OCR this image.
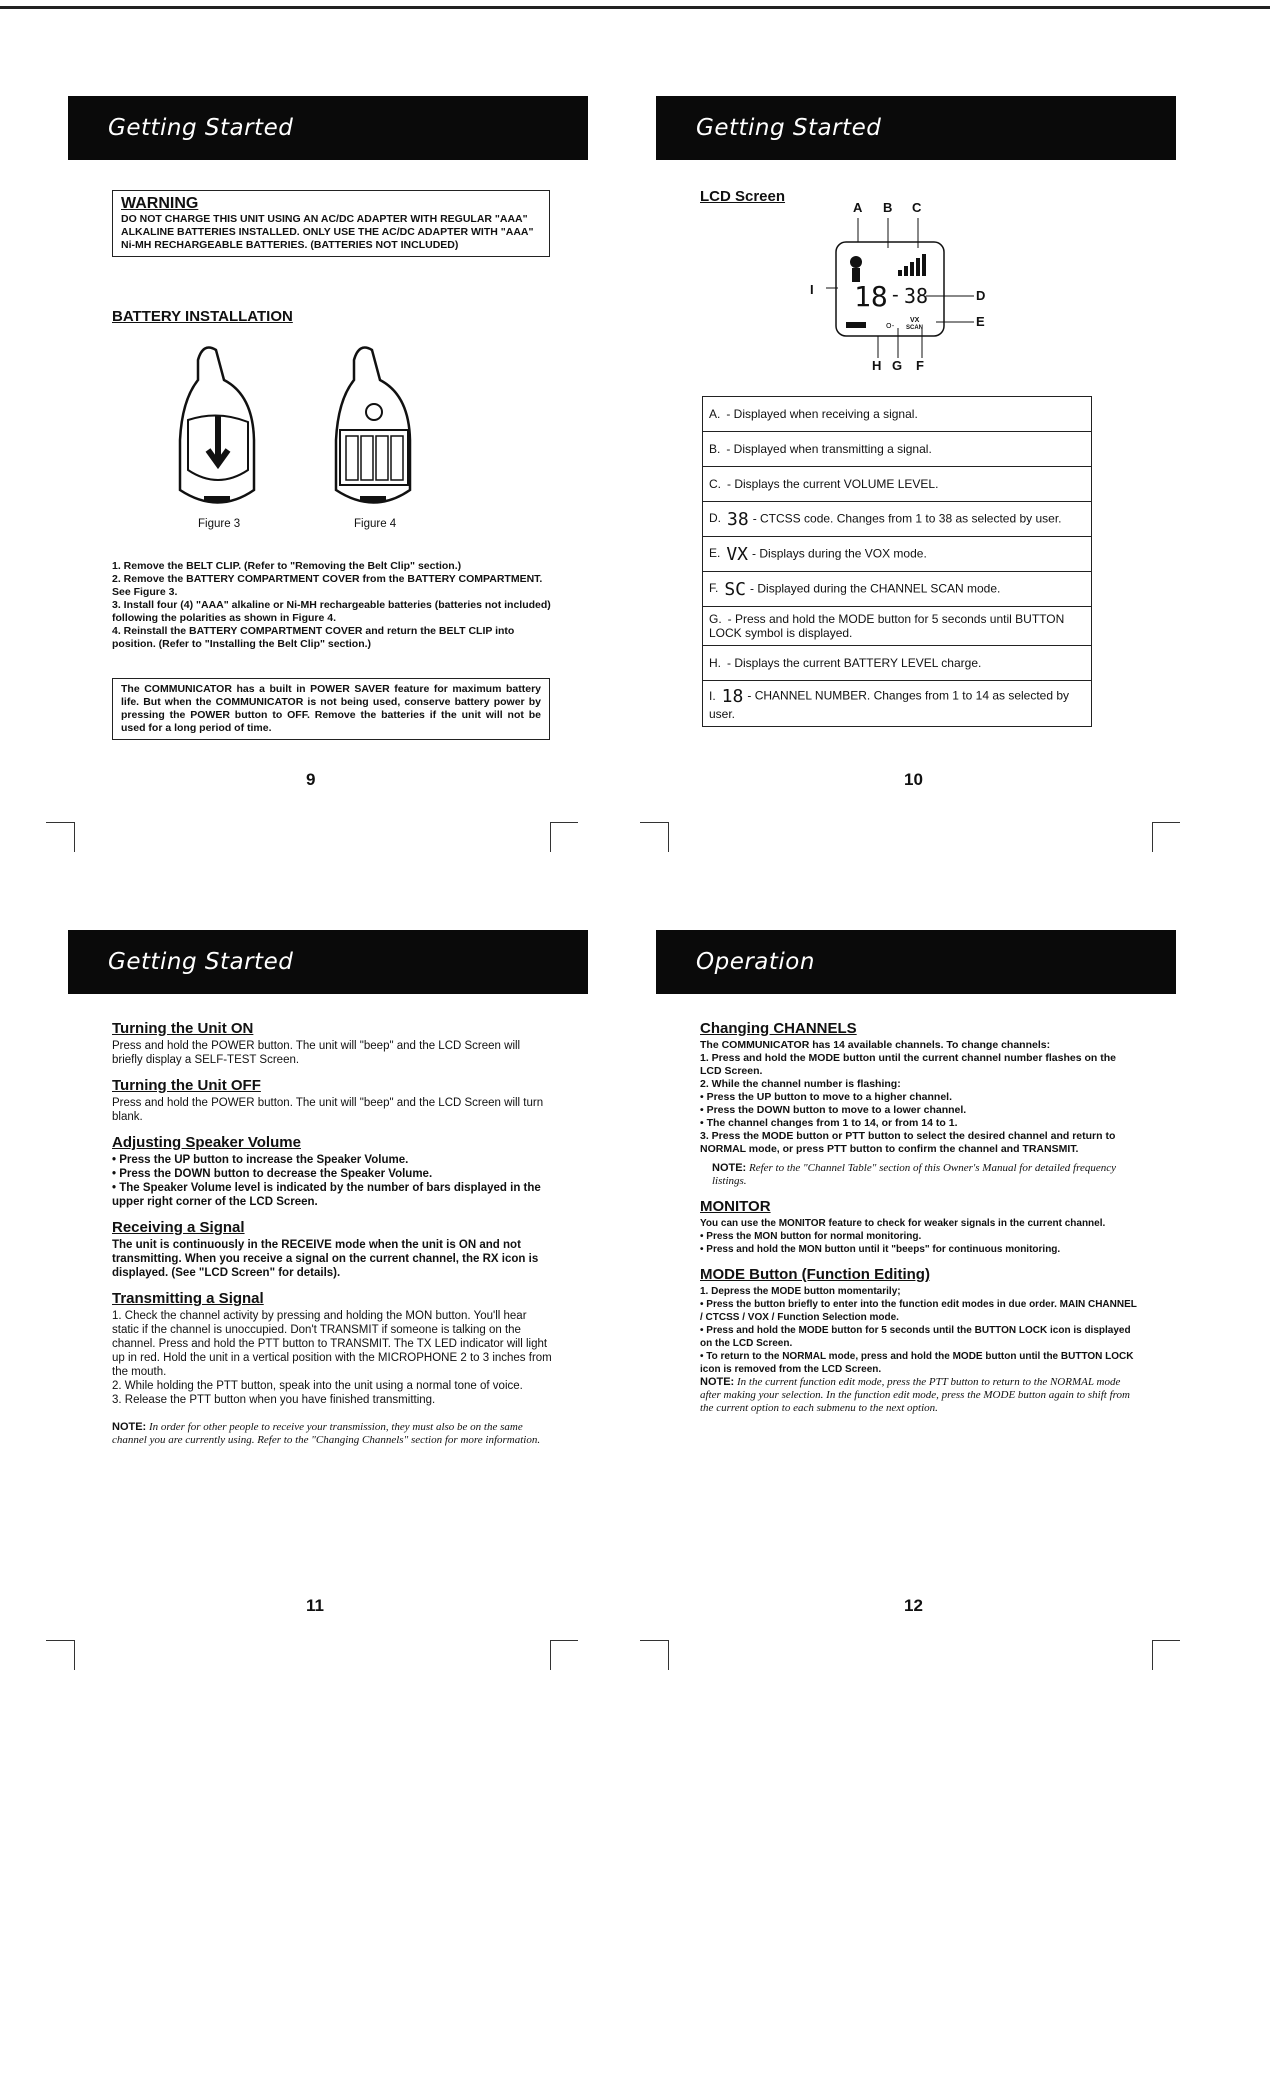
Getting Started
WARNING
DO NOT CHARGE THIS UNIT USING AN AC/DC ADAPTER WITH REGULAR "AAA" ALKALINE BATTERIES INSTALLED. ONLY USE THE AC/DC ADAPTER WITH "AAA" Ni-MH RECHARGEABLE BATTERIES. (BATTERIES NOT INCLUDED)
BATTERY INSTALLATION
Figure 3	Figure 4

1. Remove the BELT CLIP. (Refer to "Removing the Belt Clip" section.)

2. Remove the BATTERY COMPARTMENT COVER from the BATTERY COMPARTMENT. See Figure 3.

3. Install four (4) "AAA" alkaline or Ni-MH rechargeable batteries (batteries not included) following the polarities as shown in Figure 4.

4. Reinstall the BATTERY COMPARTMENT COVER and return the BELT CLIP into position. (Refer to "Installing the Belt Clip" section.)

The COMMUNICATOR has a built in POWER SAVER feature for maximum battery life. But when the COMMUNICATOR is not being used, conserve battery power by pressing the POWER button to OFF. Remove the batteries if the unit will not be used for a long period of time.
9
Getting Started
LCD Screen
A B C
I	D
E
H G F
O-
18 - 38
VX
SCAN
A. - Displayed when receiving a signal.
B. - Displayed when transmitting a signal.
C. - Displays the current VOLUME LEVEL.
D. 38 - CTCSS code. Changes from 1 to 38 as selected by user.
E. VX - Displays during the VOX mode.
F. SC - Displayed during the CHANNEL SCAN mode.
G. - Press and hold the MODE button for 5 seconds until BUTTON LOCK symbol is displayed.
H. - Displays the current BATTERY LEVEL charge.
I. 18 - CHANNEL NUMBER. Changes from 1 to 14 as selected by user.
10
Getting Started
Turning the Unit ON
Press and hold the POWER button. The unit will "beep" and the LCD Screen will briefly display a SELF-TEST Screen.
Turning the Unit OFF
Press and hold the POWER button. The unit will "beep" and the LCD Screen will turn blank.
Adjusting Speaker Volume

• Press the UP button to increase the Speaker Volume.

• Press the DOWN button to decrease the Speaker Volume.

• The Speaker Volume level is indicated by the number of bars displayed in the upper right corner of the LCD Screen.

Receiving a Signal
The unit is continuously in the RECEIVE mode when the unit is ON and not transmitting. When you receive a signal on the current channel, the RX icon is displayed. (See "LCD Screen" for details).
Transmitting a Signal

1. Check the channel activity by pressing and holding the MON button. You'll hear static if the channel is unoccupied. Don't TRANSMIT if someone is talking on the channel. Press and hold the PTT button to TRANSMIT. The TX LED indicator will light up in red. Hold the unit in a vertical position with the MICROPHONE 2 to 3 inches from the mouth.

2. While holding the PTT button, speak into the unit using a normal tone of voice.

3. Release the PTT button when you have finished transmitting.

NOTE: In order for other people to receive your transmission, they must also be on the same channel you are currently using. Refer to the "Changing Channels" section for more information.
11
Operation
Changing CHANNELS

The COMMUNICATOR has 14 available channels. To change channels:

1. Press and hold the MODE button until the current channel number flashes on the LCD Screen.

2. While the channel number is flashing:

• Press the UP button to move to a higher channel.

• Press the DOWN button to move to a lower channel.

• The channel changes from 1 to 14, or from 14 to 1.

3. Press the MODE button or PTT button to select the desired channel and return to NORMAL mode, or press PTT button to confirm the channel and TRANSMIT.

NOTE: Refer to the "Channel Table" section of this Owner's Manual for detailed frequency listings.
MONITOR

You can use the MONITOR feature to check for weaker signals in the current channel.

• Press the MON button for normal monitoring.

• Press and hold the MON button until it "beeps" for continuous monitoring.

MODE Button (Function Editing)

1. Depress the MODE button momentarily;

• Press the button briefly to enter into the function edit modes in due order. MAIN CHANNEL / CTCSS / VOX / Function Selection mode.

• Press and hold the MODE button for 5 seconds until the BUTTON LOCK icon is displayed on the LCD Screen.

• To return to the NORMAL mode, press and hold the MODE button until the BUTTON LOCK icon is removed from the LCD Screen.

NOTE: In the current function edit mode, press the PTT button to return to the NORMAL mode after making your selection. In the function edit mode, press the MODE button again to shift from the current option to each submenu to the next option.
12
